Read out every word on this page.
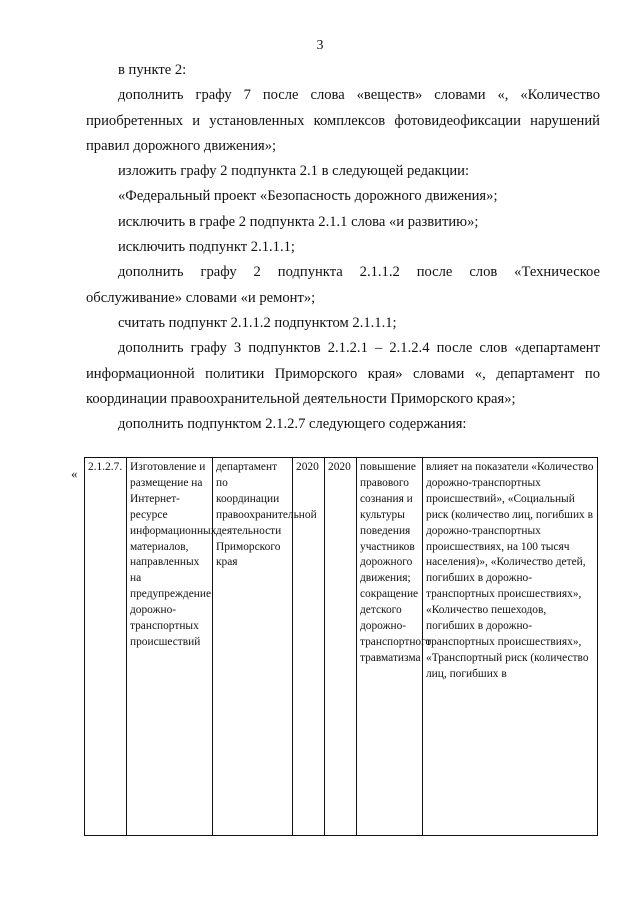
3

в пункте 2:

дополнить графу 7 после слова «веществ» словами «, «Количество приобретенных и установленных комплексов фотовидеофиксации нарушений правил дорожного движения»;

изложить графу 2 подпункта 2.1 в следующей редакции:

«Федеральный проект «Безопасность дорожного движения»;

исключить в графе 2 подпункта 2.1.1 слова «и развитию»;

исключить подпункт 2.1.1.1;

дополнить графу 2 подпункта 2.1.1.2 после слов «Техническое обслуживание» словами «и ремонт»;

считать подпункт 2.1.1.2 подпунктом 2.1.1.1;

дополнить графу 3 подпунктов 2.1.2.1 – 2.1.2.4 после слов «департамент информационной политики Приморского края» словами «, департамент по координации правоохранительной деятельности Приморского края»;

дополнить подпунктом 2.1.2.7 следующего содержания:

« 2.1.2.7.	Изготовление и размещение на Интернет-ресурсе информационных материалов, направленных на предупреждение дорожно-транспортных происшествий	департамент по координации правоохранительной деятельности Приморского края	2020	2020	повышение правового сознания и культуры поведения участников дорожного движения; сокращение детского дорожно-транспортного травматизма	влияет на показатели «Количество дорожно-транспортных происшествий», «Социальный риск (количество лиц, погибших в дорожно-транспортных происшествиях, на 100 тысяч населения)», «Количество детей, погибших в дорожно-транспортных происшествиях», «Количество пешеходов, погибших в дорожно-транспортных происшествиях», «Транспортный риск (количество лиц, погибших в
